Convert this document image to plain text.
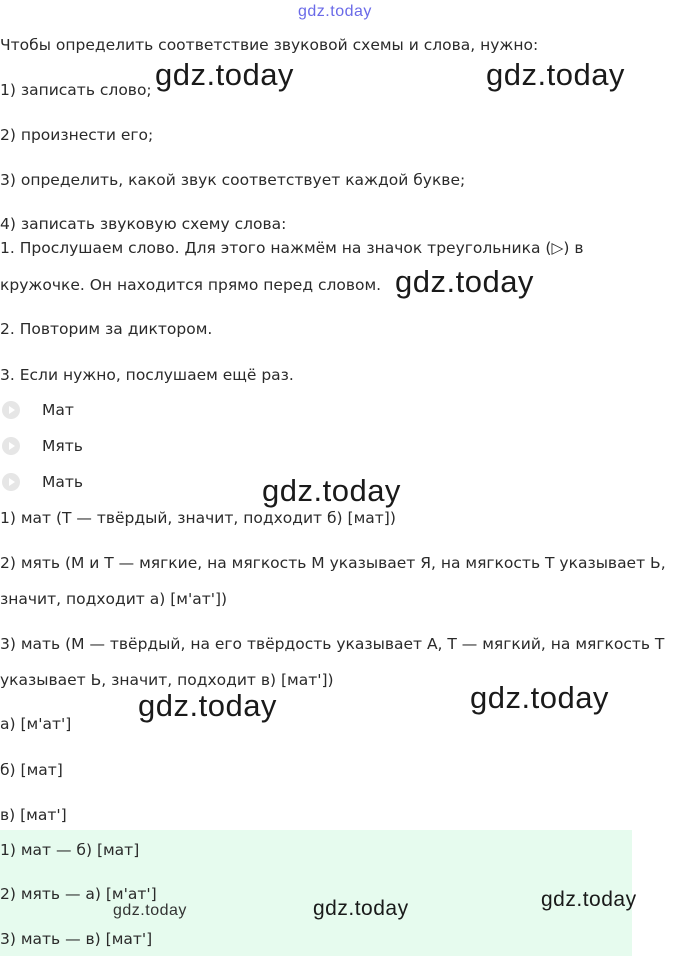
gdz.today
Чтобы определить соответствие звуковой схемы и слова, нужно:
1) записать слово;
2) произнести его;
3) определить, какой звук соответствует каждой букве;
4) записать звуковую схему слова:
1. Прослушаем слово. Для этого нажмём на значок треугольника (▷) в
кружочке. Он находится прямо перед словом.
2. Повторим за диктором.
3. Если нужно, послушаем ещё раз.
Мат
Мять
Мать
1) мат (Т — твёрдый, значит, подходит б) [мат])
2) мять (М и Т — мягкие, на мягкость М указывает Я, на мягкость Т указывает Ь,
значит, подходит а) [м'ат'])
3) мать (М — твёрдый, на его твёрдость указывает А, Т — мягкий, на мягкость Т
указывает Ь, значит, подходит в) [мат'])
а) [м'ат']
б) [мат]
в) [мат']
1) мат — б) [мат]
2) мять — а) [м'ат']
3) мать — в) [мат']
gdz.today	gdz.today
gdz.today
gdz.today
gdz.today
gdz.today
gdz.today	gdz.today	gdz.today
